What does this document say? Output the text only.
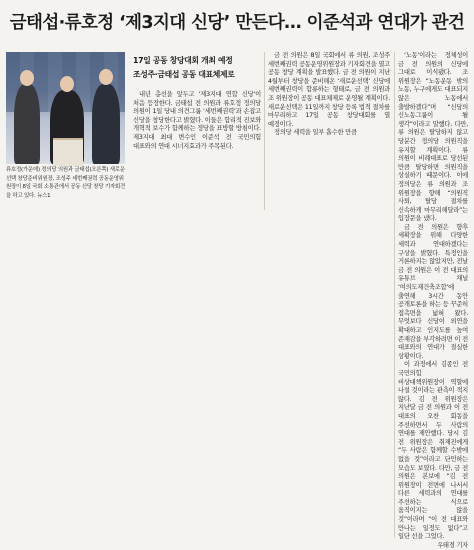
금태섭·류호정 ‘제3지대 신당’ 만든다… 이준석과 연대가 관건
류호정(가운데) 정의당 의원과 금태섭(오른쪽) 새로운선택 창당준비위원장, 조성주 세번째권력 공동운영위원장이 8일 국회 소통관에서 공동 신당 창당 기자회견을 하고 있다. 뉴스1
17일 공동 창당대회 개최 예정
조성주·금태섭 공동 대표체제로

내년 총선을 앞두고 ‘제3지대 연합 신당’이 처음 등장한다. 금태섭 전 의원과 류호정 정의당 의원이 1일 당내 의견그룹 ‘세번째권력’과 손잡고 신당을 창당한다고 밝혔다. 이들은 합리적 진보와 개혁적 보수가 함께하는 정당을 표방할 방침이다. 제3지대 최대 변수인 이준석 전 국민의힘 대표와의 연대 시너지효과가 주목된다.

금 전 의원은 8일 국회에서 류 의원, 조성주 세번째권력 공동운영위원장과 기자회견을 열고 공동 창당 계획을 발표했다. 금 전 의원이 지난 4월부터 창당을 준비해온 ‘새로운선택’ 신당에 세번째권력이 합류하는 형태로, 금 전 의원과 조 위원장이 공동 대표체제로 운영될 계획이다. 새로운선택은 11일까지 창당 등록 법적 절차를 마무리하고 17일 공동 창당대회를 열 예정이다.

정의당 세력을 일부 흡수한 만큼

‘노동’이라는 정체성이 금 전 의원의 신당에 그대로 이식됐다. 조 위원장은 “노동운동 밖의 노동, 누구에게도 대표되지 않은 노동에서 출발하겠다”며 “신당의 신노동그룹이 될 생각”이라고 말했다. 다만, 류 의원은 탈당하지 않고 당분간 정의당 의원직을 유지할 계획이다. 류 의원이 비례대표로 당선된 만큼 탈당하면 의원직을 상실하기 때문이다. 이에 정의당은 류 의원과 조 위원장을 향해 “의원직 사퇴, 탈당 절차를 신속하게 마무리해달라”는 입장문을 냈다.

금 전 의원은 향후 세확장을 위해 다양한 세력과 연대하겠다는 구상을 밝혔다. 특정인을 거론하지는 않았지만, 전날 금 전 의원은 이 전 대표의 유튜브 채널 ‘여의도재건축조합’에 출연해 3시간 동안 공개토론을 하는 등 꾸준히 접촉면을 넓혀 왔다. 무엇보다 신당이 외연을 확대하고 인지도를 높여 존재감을 부각하려면 이 전 대표와의 연대가 절실한 상황이다.

이 과정에서 김종인 전 국민의힘 비상대책위원장이 역할에 나설 것이라는 관측이 적지 않다. 김 전 위원장은 지난달 금 전 의원과 이 전 대표의 오찬 회동을 주선하면서 두 사람의 연대를 제안했다. 당시 김 전 위원장은 취재진에게 “두 사람은 함께할 수밖에 없을 것”이라고 단언하는 모습도 보였다. 다만, 금 전 의원은 본보에 “김 전 위원장이 전면에 나서서 다른 세력과의 연대를 주선하는 식으로 움직이지는 않을 것”이라며 “이 전 대표와 만나는 일정도 없다”고 일단 선을 그었다.

우태경 기자
